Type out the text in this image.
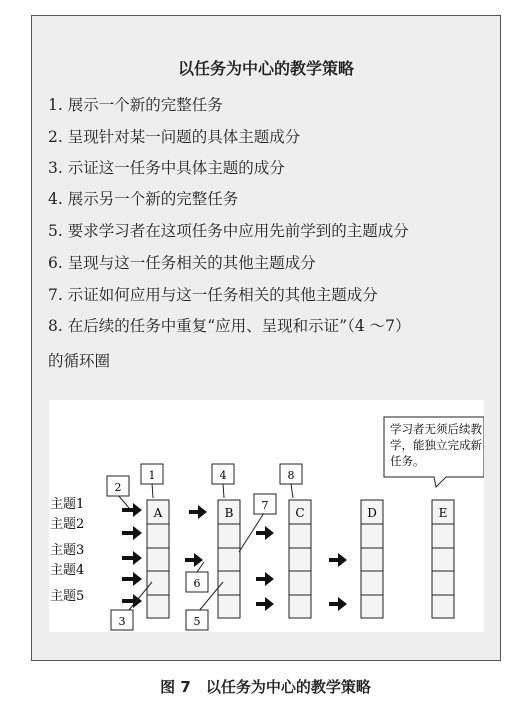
以任务为中心的教学策略
1. 展示一个新的完整任务
2. 呈现针对某一问题的具体主题成分
3. 示证这一任务中具体主题的成分
4. 展示另一个新的完整任务
5. 要求学习者在这项任务中应用先前学到的主题成分
6. 呈现与这一任务相关的其他主题成分
7. 示证如何应用与这一任务相关的其他主题成分
8. 在后续的任务中重复“应用、呈现和示证”（4 ～7）
的循环圈
主题1
主题2
主题3
主题4
主题5
A	B	C	D	E
1
2
3
4
5
6
7
8
学习者无须后续教
学，能独立完成新
任务。
图 7　以任务为中心的教学策略
